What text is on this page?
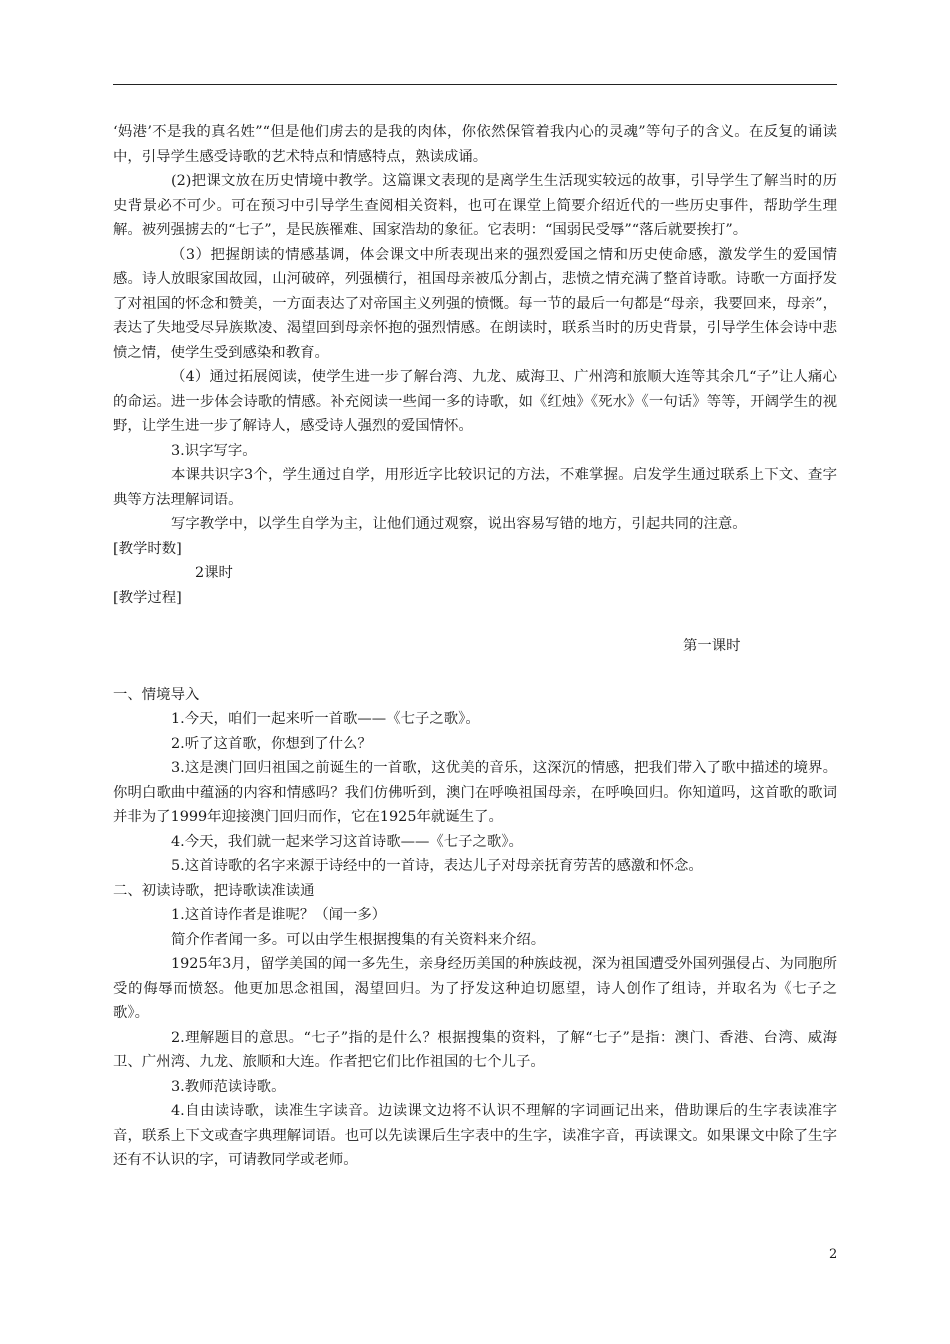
‘妈港’不是我的真名姓”“但是他们虏去的是我的肉体，你依然保管着我内心的灵魂”等句子的含义。在反复的诵读中，引导学生感受诗歌的艺术特点和情感特点，熟读成诵。

(2)把课文放在历史情境中教学。这篇课文表现的是离学生生活现实较远的故事，引导学生了解当时的历史背景必不可少。可在预习中引导学生查阅相关资料，也可在课堂上简要介绍近代的一些历史事件，帮助学生理解。被列强掳去的“七子”，是民族罹难、国家浩劫的象征。它表明：“国弱民受辱”“落后就要挨打”。

（3）把握朗读的情感基调，体会课文中所表现出来的强烈爱国之情和历史使命感，激发学生的爱国情感。诗人放眼家国故园，山河破碎，列强横行，祖国母亲被瓜分割占，悲愤之情充满了整首诗歌。诗歌一方面抒发了对祖国的怀念和赞美，一方面表达了对帝国主义列强的愤慨。每一节的最后一句都是“母亲，我要回来，母亲”，表达了失地受尽异族欺凌、渴望回到母亲怀抱的强烈情感。在朗读时，联系当时的历史背景，引导学生体会诗中悲愤之情，使学生受到感染和教育。

（4）通过拓展阅读，使学生进一步了解台湾、九龙、威海卫、广州湾和旅顺大连等其余几“子”让人痛心的命运。进一步体会诗歌的情感。补充阅读一些闻一多的诗歌，如《红烛》《死水》《一句话》等等，开阔学生的视野，让学生进一步了解诗人，感受诗人强烈的爱国情怀。

3.识字写字。

本课共识字3个，学生通过自学，用形近字比较识记的方法，不难掌握。启发学生通过联系上下文、查字典等方法理解词语。

写字教学中，以学生自学为主，让他们通过观察，说出容易写错的地方，引起共同的注意。

[教学时数]

2课时

[教学过程]

第一课时

一、情境导入

1.今天，咱们一起来听一首歌——《七子之歌》。

2.听了这首歌，你想到了什么？

3.这是澳门回归祖国之前诞生的一首歌，这优美的音乐，这深沉的情感，把我们带入了歌中描述的境界。你明白歌曲中蕴涵的内容和情感吗？我们仿佛听到，澳门在呼唤祖国母亲，在呼唤回归。你知道吗，这首歌的歌词并非为了1999年迎接澳门回归而作，它在1925年就诞生了。

4.今天，我们就一起来学习这首诗歌——《七子之歌》。

5.这首诗歌的名字来源于诗经中的一首诗，表达儿子对母亲抚育劳苦的感激和怀念。

二、初读诗歌，把诗歌读准读通

1.这首诗作者是谁呢？（闻一多）

简介作者闻一多。可以由学生根据搜集的有关资料来介绍。

1925年3月，留学美国的闻一多先生，亲身经历美国的种族歧视，深为祖国遭受外国列强侵占、为同胞所受的侮辱而愤怒。他更加思念祖国，渴望回归。为了抒发这种迫切愿望，诗人创作了组诗，并取名为《七子之歌》。

2.理解题目的意思。“七子”指的是什么？根据搜集的资料，了解“七子”是指：澳门、香港、台湾、威海卫、广州湾、九龙、旅顺和大连。作者把它们比作祖国的七个儿子。

3.教师范读诗歌。

4.自由读诗歌，读准生字读音。边读课文边将不认识不理解的字词画记出来，借助课后的生字表读准字音，联系上下文或查字典理解词语。也可以先读课后生字表中的生字，读准字音，再读课文。如果课文中除了生字还有不认识的字，可请教同学或老师。

2
